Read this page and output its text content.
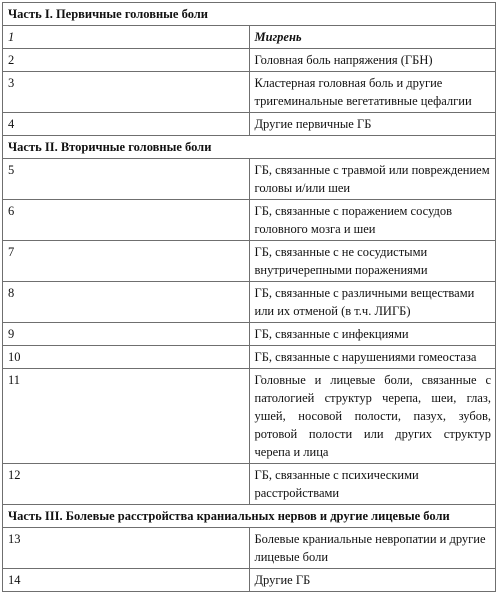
Часть I. Первичные головные боли	
1	Мигрень
2	Головная боль напряжения (ГБН)
3	Кластерная головная боль и другие тригеминальные вегетативные цефалгии
4	Другие первичные ГБ
Часть II. Вторичные головные боли	
5	ГБ, связанные с травмой или повреждением головы и/или шеи
6	ГБ, связанные с поражением сосудов головного мозга и шеи
7	ГБ, связанные с не сосудистыми внутричерепными поражениями
8	ГБ, связанные с различными веществами или их отменой (в т.ч. ЛИГБ)
9	ГБ, связанные с инфекциями
10	ГБ, связанные с нарушениями гомеостаза
11	Головные и лицевые боли, связанные с патологией структур черепа, шеи, глаз, ушей, носовой полости, пазух, зубов, ротовой полости или других структур черепа и лица
12	ГБ, связанные с психическими расстройствами
Часть III. Болевые расстройства краниальных нервов и другие лицевые боли	
13	Болевые краниальные невропатии и другие лицевые боли
14	Другие ГБ
